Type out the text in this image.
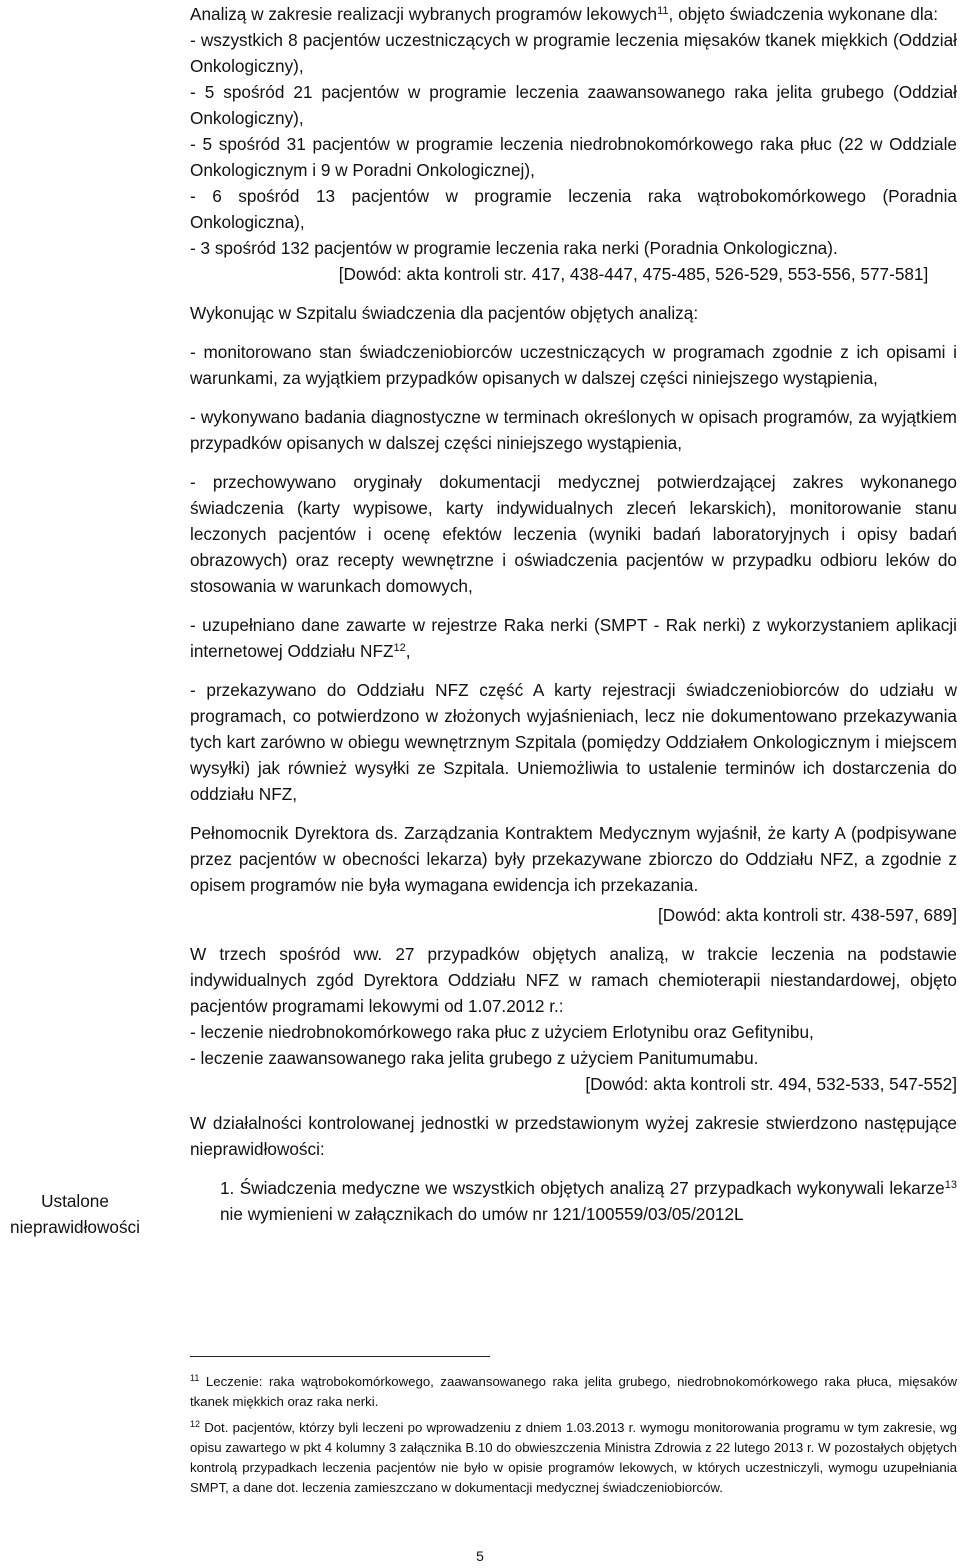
Ustalone
nieprawidłowości

Analizą w zakresie realizacji wybranych programów lekowych$^{11}$, objęto świadczenia wykonane dla:

- wszystkich 8 pacjentów uczestniczących w programie leczenia mięsaków tkanek miękkich (Oddział Onkologiczny),

- 5 spośród 21 pacjentów w programie leczenia zaawansowanego raka jelita grubego (Oddział Onkologiczny),

- 5 spośród 31 pacjentów w programie leczenia niedrobnokomórkowego raka płuc (22 w Oddziale Onkologicznym i 9 w Poradni Onkologicznej),

- 6 spośród 13 pacjentów w programie leczenia raka wątrobokomórkowego (Poradnia Onkologiczna),

- 3 spośród 132 pacjentów w programie leczenia raka nerki (Poradnia Onkologiczna).

[Dowód: akta kontroli str. 417, 438-447, 475-485, 526-529, 553-556, 577-581]

Wykonując w Szpitalu świadczenia dla pacjentów objętych analizą:

- monitorowano stan świadczeniobiorców uczestniczących w programach zgodnie z ich opisami i warunkami, za wyjątkiem przypadków opisanych w dalszej części niniejszego wystąpienia,

- wykonywano badania diagnostyczne w terminach określonych w opisach programów, za wyjątkiem przypadków opisanych w dalszej części niniejszego wystąpienia,

- przechowywano oryginały dokumentacji medycznej potwierdzającej zakres wykonanego świadczenia (karty wypisowe, karty indywidualnych zleceń lekarskich), monitorowanie stanu leczonych pacjentów i ocenę efektów leczenia (wyniki badań laboratoryjnych i opisy badań obrazowych) oraz recepty wewnętrzne i oświadczenia pacjentów w przypadku odbioru leków do stosowania w warunkach domowych,

- uzupełniano dane zawarte w rejestrze Raka nerki (SMPT - Rak nerki) z wykorzystaniem aplikacji internetowej Oddziału NFZ$^{12}$,

- przekazywano do Oddziału NFZ część A karty rejestracji świadczeniobiorców do udziału w programach, co potwierdzono w złożonych wyjaśnieniach, lecz nie dokumentowano przekazywania tych kart zarówno w obiegu wewnętrznym Szpitala (pomiędzy Oddziałem Onkologicznym i miejscem wysyłki) jak również wysyłki ze Szpitala. Uniemożliwia to ustalenie terminów ich dostarczenia do oddziału NFZ,

Pełnomocnik Dyrektora ds. Zarządzania Kontraktem Medycznym wyjaśnił, że karty A (podpisywane przez pacjentów w obecności lekarza) były przekazywane zbiorczo do Oddziału NFZ, a zgodnie z opisem programów nie była wymagana ewidencja ich przekazania.

[Dowód: akta kontroli str. 438-597, 689]

W trzech spośród ww. 27 przypadków objętych analizą, w trakcie leczenia na podstawie indywidualnych zgód Dyrektora Oddziału NFZ w ramach chemioterapii niestandardowej, objęto pacjentów programami lekowymi od 1.07.2012 r.:

- leczenie niedrobnokomórkowego raka płuc z użyciem Erlotynibu oraz Gefitynibu,

- leczenie zaawansowanego raka jelita grubego z użyciem Panitumumabu.

[Dowód: akta kontroli str. 494, 532-533, 547-552]

W działalności kontrolowanej jednostki w przedstawionym wyżej zakresie stwierdzono następujące nieprawidłowości:

1. Świadczenia medyczne we wszystkich objętych analizą 27 przypadkach wykonywali lekarze$^{13}$ nie wymienieni w załącznikach do umów nr 121/100559/03/05/2012L

$^{11}$ Leczenie: raka wątrobokomórkowego, zaawansowanego raka jelita grubego, niedrobnokomórkowego raka płuca, mięsaków tkanek miękkich oraz raka nerki.

$^{12}$ Dot. pacjentów, którzy byli leczeni po wprowadzeniu z dniem 1.03.2013 r. wymogu monitorowania programu w tym zakresie, wg opisu zawartego w pkt 4 kolumny 3 załącznika B.10 do obwieszczenia Ministra Zdrowia z 22 lutego 2013 r. W pozostałych objętych kontrolą przypadkach leczenia pacjentów nie było w opisie programów lekowych, w których uczestniczyli, wymogu uzupełniania SMPT, a dane dot. leczenia zamieszczano w dokumentacji medycznej świadczeniobiorców.

5
